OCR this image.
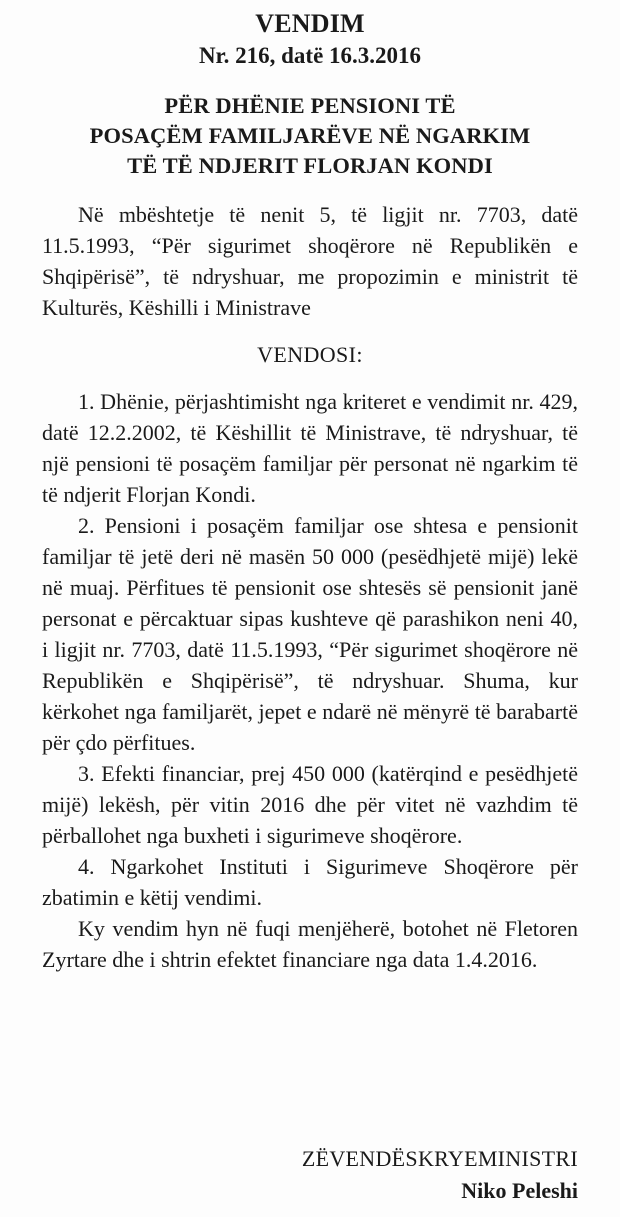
VENDIM
Nr. 216, datë 16.3.2016
PËR DHËNIE PENSIONI TË
POSAÇËM FAMILJARËVE NË NGARKIM
TË TË NDJERIT FLORJAN KONDI

Në mbështetje të nenit 5, të ligjit nr. 7703, datë 11.5.1993, “Për sigurimet shoqërore në Republikën e Shqipërisë”, të ndryshuar, me propozimin e ministrit të Kulturës, Këshilli i Ministrave

VENDOSI:

1. Dhënie, përjashtimisht nga kriteret e vendimit nr. 429, datë 12.2.2002, të Këshillit të Ministrave, të ndryshuar, të një pensioni të posaçëm familjar për personat në ngarkim të të ndjerit Florjan Kondi.

2. Pensioni i posaçëm familjar ose shtesa e pensionit familjar të jetë deri në masën 50 000 (pesëdhjetë mijë) lekë në muaj. Përfitues të pensionit ose shtesës së pensionit janë personat e përcaktuar sipas kushteve që parashikon neni 40, i ligjit nr. 7703, datë 11.5.1993, “Për sigurimet shoqërore në Republikën e Shqipërisë”, të ndryshuar. Shuma, kur kërkohet nga familjarët, jepet e ndarë në mënyrë të barabartë për çdo përfitues.

3. Efekti financiar, prej 450 000 (katërqind e pesëdhjetë mijë) lekësh, për vitin 2016 dhe për vitet në vazhdim të përballohet nga buxheti i sigurimeve shoqërore.

4. Ngarkohet Instituti i Sigurimeve Shoqërore për zbatimin e këtij vendimi.

Ky vendim hyn në fuqi menjëherë, botohet në Fletoren Zyrtare dhe i shtrin efektet financiare nga data 1.4.2016.

ZËVENDËSKRYEMINISTRI

Niko Peleshi
